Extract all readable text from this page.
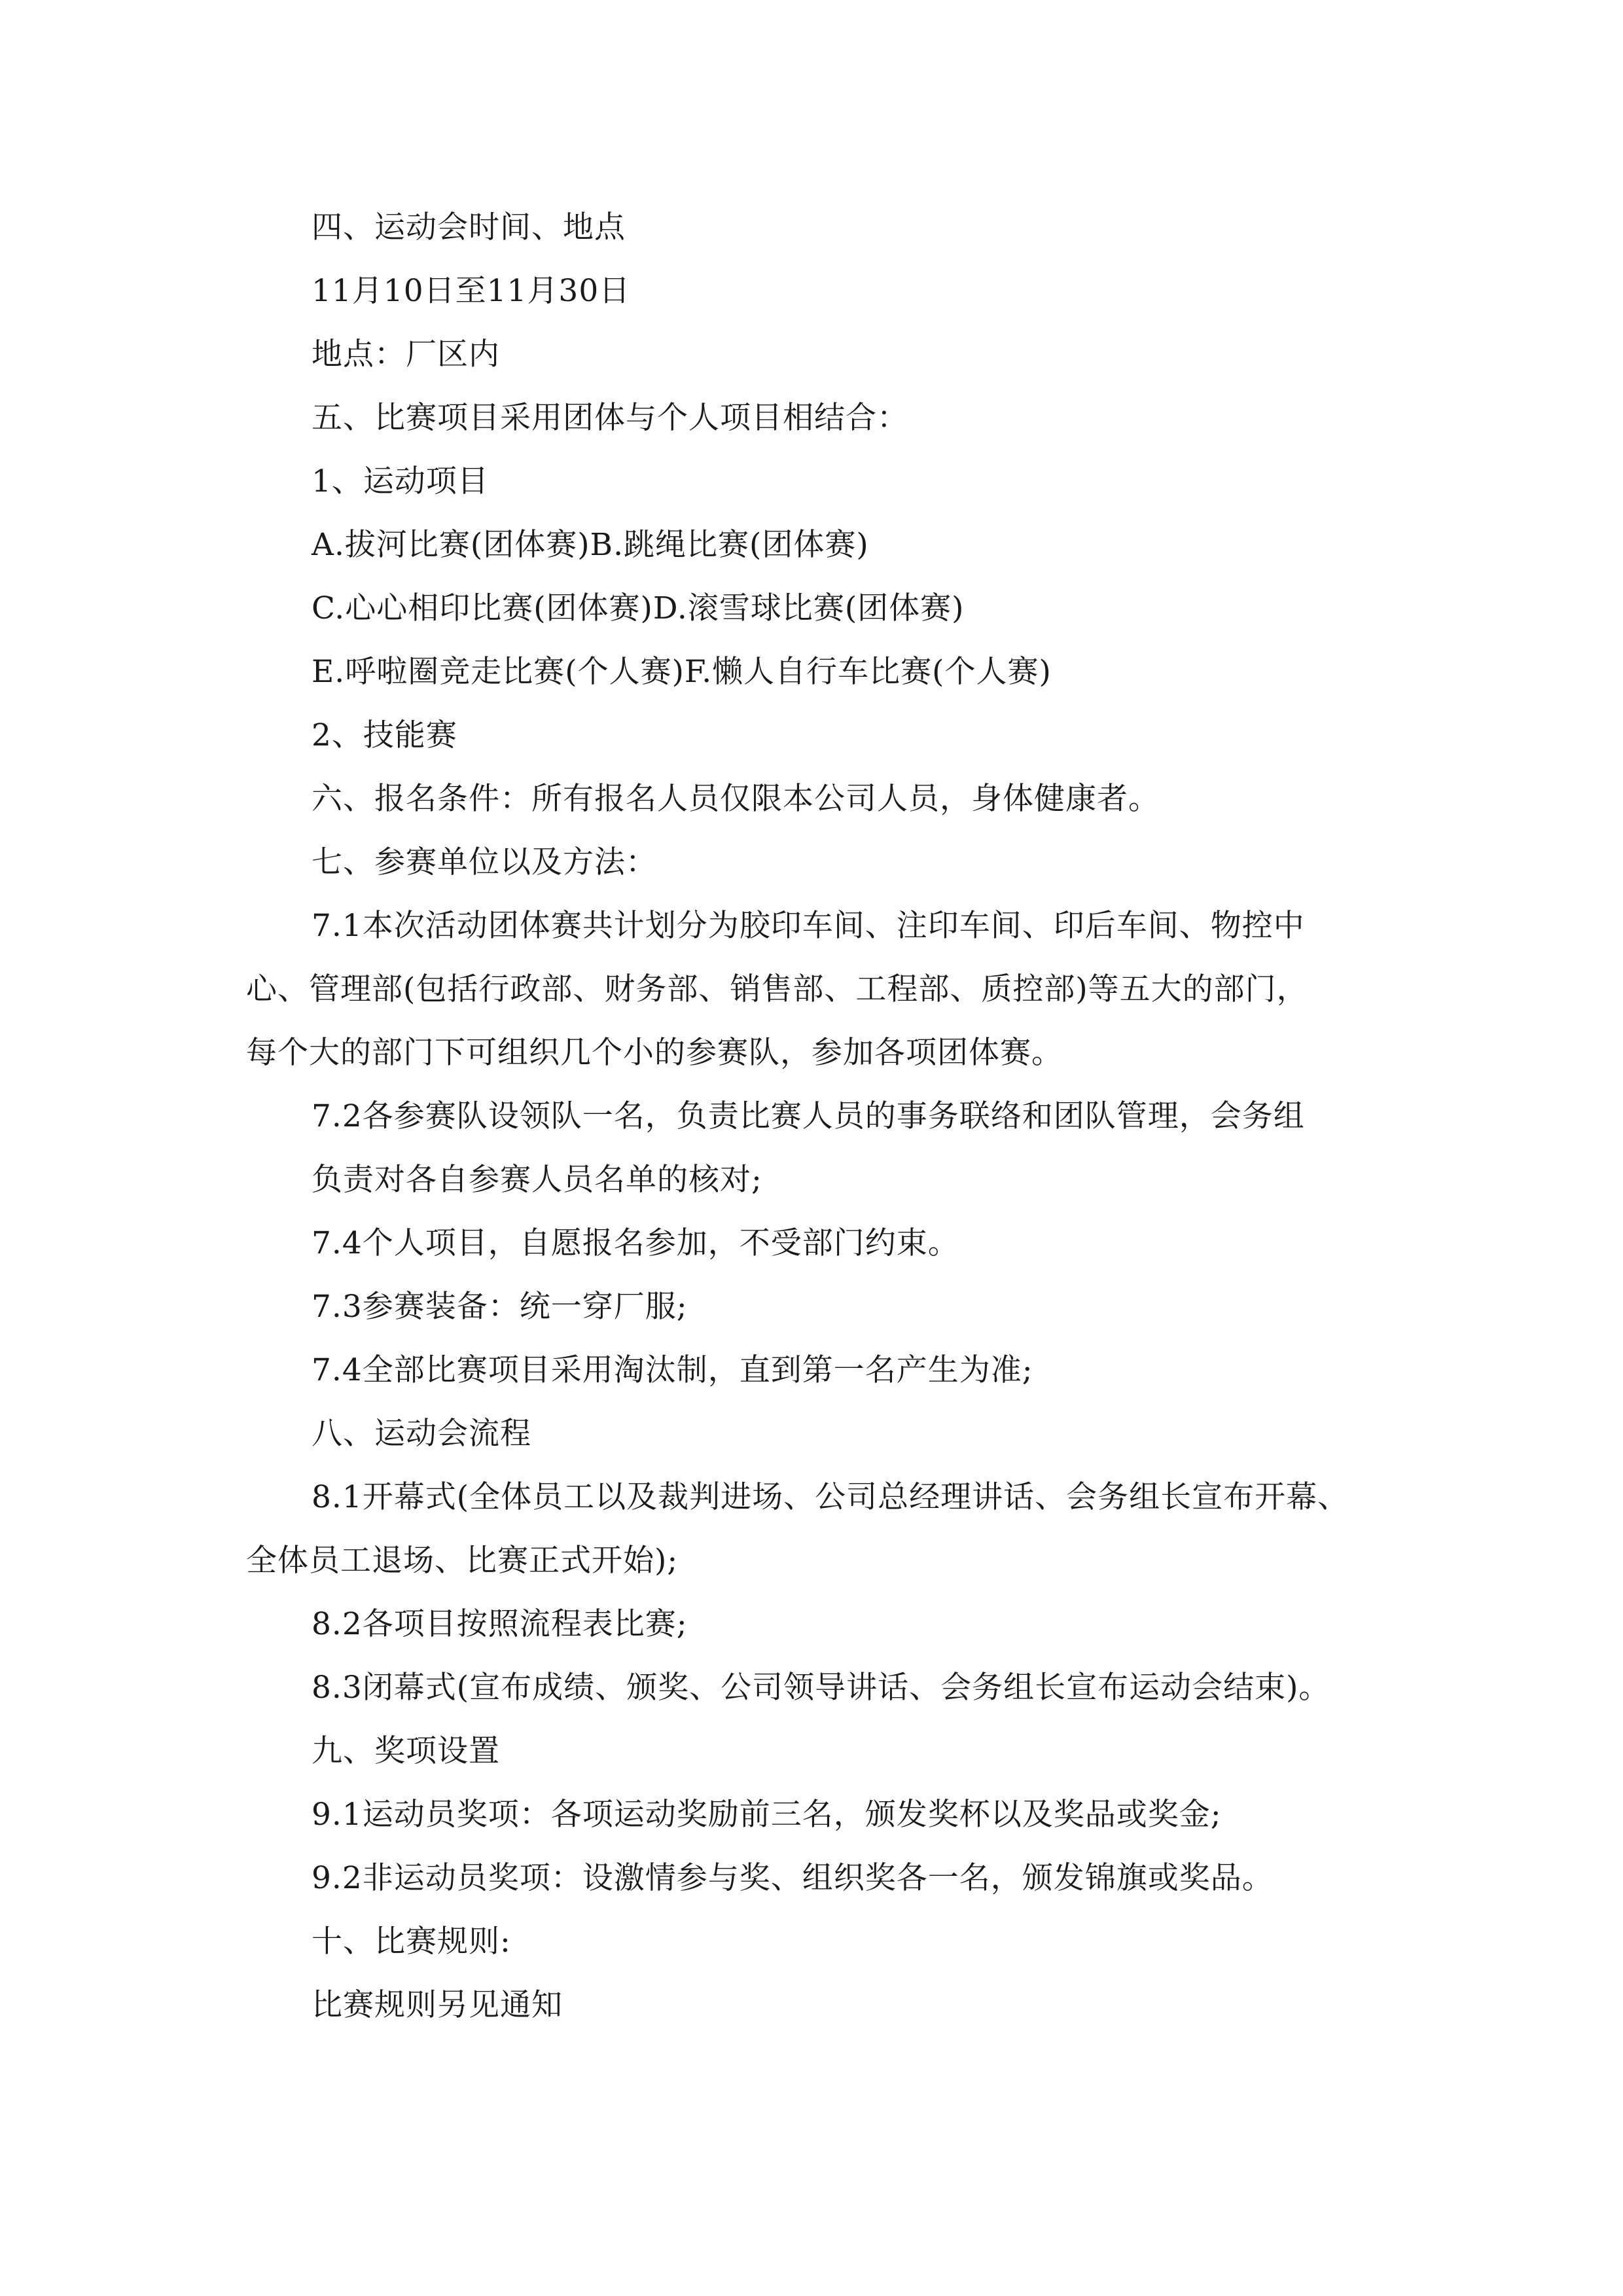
四、运动会时间、地点
11月10日至11月30日
地点：厂区内
五、比赛项目采用团体与个人项目相结合：
1、运动项目
A.拔河比赛(团体赛)B.跳绳比赛(团体赛)
C.心心相印比赛(团体赛)D.滚雪球比赛(团体赛)
E.呼啦圈竞走比赛(个人赛)F.懒人自行车比赛(个人赛)
2、技能赛
六、报名条件：所有报名人员仅限本公司人员，身体健康者。
七、参赛单位以及方法：
7.1本次活动团体赛共计划分为胶印车间、注印车间、印后车间、物控中
心、管理部(包括行政部、财务部、销售部、工程部、质控部)等五大的部门，
每个大的部门下可组织几个小的参赛队，参加各项团体赛。
7.2各参赛队设领队一名，负责比赛人员的事务联络和团队管理，会务组
负责对各自参赛人员名单的核对;
7.4个人项目，自愿报名参加，不受部门约束。
7.3参赛装备：统一穿厂服;
7.4全部比赛项目采用淘汰制，直到第一名产生为准;
八、运动会流程
8.1开幕式(全体员工以及裁判进场、公司总经理讲话、会务组长宣布开幕、
全体员工退场、比赛正式开始);
8.2各项目按照流程表比赛;
8.3闭幕式(宣布成绩、颁奖、公司领导讲话、会务组长宣布运动会结束)。
九、奖项设置
9.1运动员奖项：各项运动奖励前三名，颁发奖杯以及奖品或奖金;
9.2非运动员奖项：设激情参与奖、组织奖各一名，颁发锦旗或奖品。
十、比赛规则:
比赛规则另见通知
